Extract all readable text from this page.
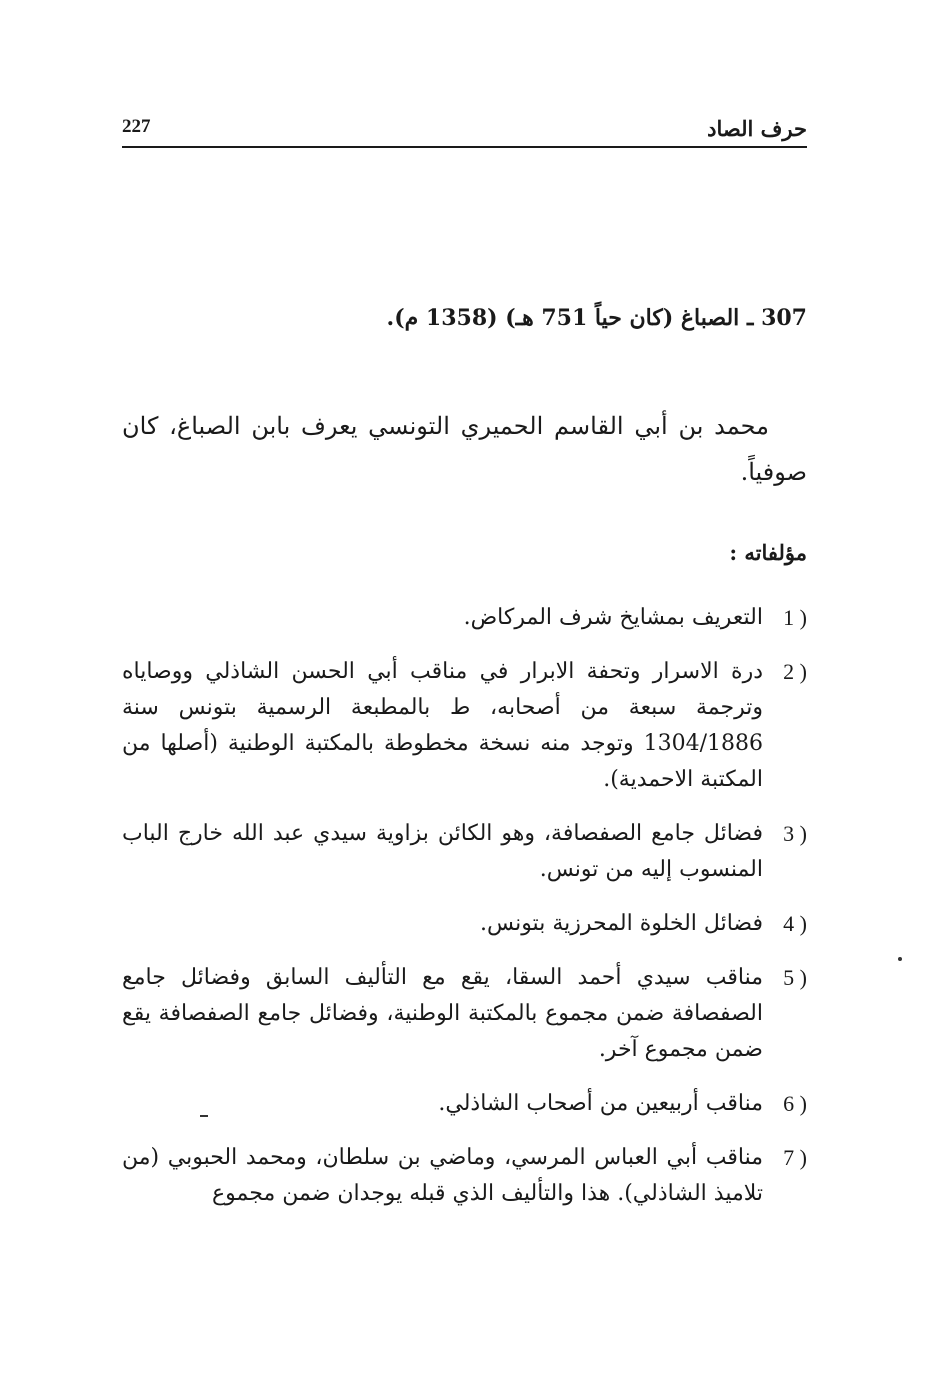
حرف الصاد
227
307 ـ الصباغ (كان حياً 751 هـ) (1358 م).
محمد بن أبي القاسم الحميري التونسي يعرف بابن الصباغ، كان صوفياً.
مؤلفاته :
1 )
التعريف بمشايخ شرف المركاض.
2 )
درة الاسرار وتحفة الابرار في مناقب أبي الحسن الشاذلي ووصاياه وترجمة سبعة من أصحابه، ط بالمطبعة الرسمية بتونس سنة 1304/1886 وتوجد منه نسخة مخطوطة بالمكتبة الوطنية (أصلها من المكتبة الاحمدية).
3 )
فضائل جامع الصفصافة، وهو الكائن بزاوية سيدي عبد الله خارج الباب المنسوب إليه من تونس.
4 )
فضائل الخلوة المحرزية بتونس.
5 )
مناقب سيدي أحمد السقا، يقع مع التأليف السابق وفضائل جامع الصفصافة ضمن مجموع بالمكتبة الوطنية، وفضائل جامع الصفصافة يقع ضمن مجموع آخر.
6 )
مناقب أربيعين من أصحاب الشاذلي.
7 )
مناقب أبي العباس المرسي، وماضي بن سلطان، ومحمد الحبوبي (من تلاميذ الشاذلي). هذا والتأليف الذي قبله يوجدان ضمن مجموع
